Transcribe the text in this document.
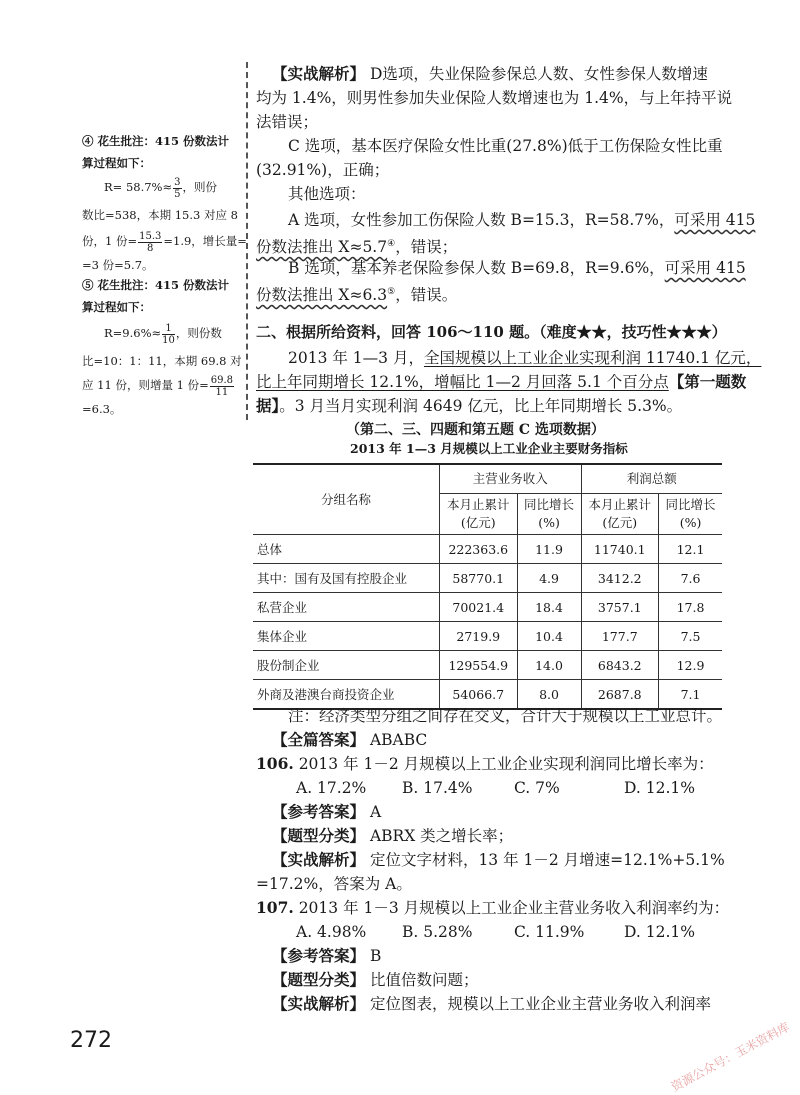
【实战解析】 D选项，失业保险参保总人数、女性参保人数增速
均为 1.4%，则男性参加失业保险人数增速也为 1.4%，与上年持平说
法错误；
C 选项，基本医疗保险女性比重(27.8%)低于工伤保险女性比重
(32.91%)，正确；
其他选项：
A 选项，女性参加工伤保险人数 B=15.3，R=58.7%，可采用 415
份数法推出 X≈5.7④，错误；
B 选项，基本养老保险参保人数 B=69.8，R=9.6%，可采用 415
份数法推出 X≈6.3⑤，错误。
④ 花生批注：415 份数法计
算过程如下：
$R= 58.7\%\approx \frac{3}{5}$ ，则份
数比=538，本期 15.3 对应 8
份，1 份= $\frac{15.3}{8} =1.9$，增长量=
=3 份=5.7。
⑤ 花生批注：415 份数法计
算过程如下：
$R=9.6\%\approx \frac{1}{10}$ ，则份数
比=10：1：11，本期 69.8 对
应 11 份，则增量 1 份= $\frac{69.8}{11}$
=6.3。
二、根据所给资料，回答 106～110 题。（难度★★，技巧性★★★）
2013 年 1—3 月，全国规模以上工业企业实现利润 11740.1 亿元，
比上年同期增长 12.1%，增幅比 1—2 月回落 5.1 个百分点【第一题数
据】。3 月当月实现利润 4649 亿元，比上年同期增长 5.3%。
（第二、三、四题和第五题 C 选项数据）
2013 年 1—3 月规模以上工业企业主要财务指标
分组名称	主营业务收入		利润总额	
	本月止累计
(亿元)	同比增长
(%)	本月止累计
(亿元)	同比增长
(%)
总体	222363.6	11.9	11740.1	12.1
其中：国有及国有控股企业	58770.1	4.9	3412.2	7.6
私营企业	70021.4	18.4	3757.1	17.8
集体企业	2719.9	10.4	177.7	7.5
股份制企业	129554.9	14.0	6843.2	12.9
外商及港澳台商投资企业	54066.7	8.0	2687.8	7.1
注：经济类型分组之间存在交叉，合计大于规模以上工业总计。
【全篇答案】 ABABC
106. 2013 年 1－2 月规模以上工业企业实现利润同比增长率为：
A. 17.2% B. 17.4%	C. 7%	D. 12.1%
【参考答案】 A
【题型分类】 ABRX 类之增长率；
【实战解析】 定位文字材料，13 年 1－2 月增速=12.1%+5.1%
=17.2%，答案为 A。
107. 2013 年 1－3 月规模以上工业企业主营业务收入利润率约为：
A. 4.98% B. 5.28%	C. 11.9%	D. 12.1%
【参考答案】 B
【题型分类】 比值倍数问题；
【实战解析】 定位图表，规模以上工业企业主营业务收入利润率
272	资源公众号：玉米资料库
